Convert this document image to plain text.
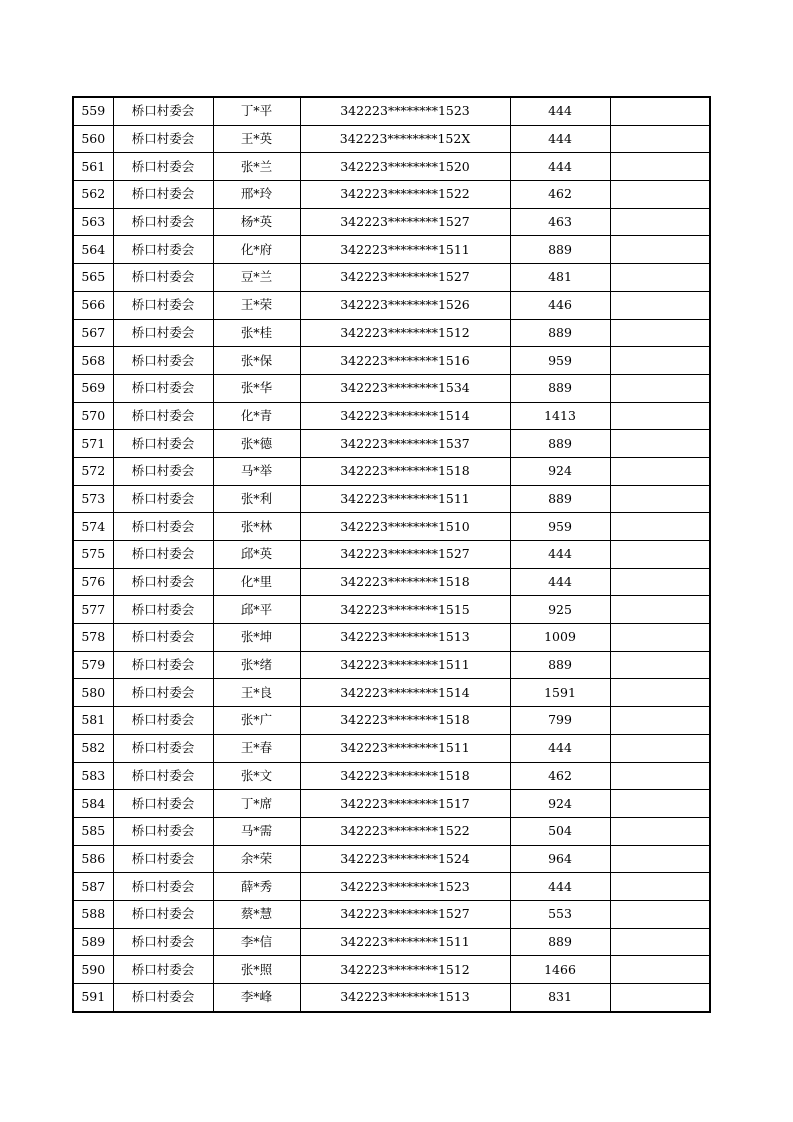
559	桥口村委会	丁*平	342223********1523	444	
560	桥口村委会	王*英	342223********152X	444	
561	桥口村委会	张*兰	342223********1520	444	
562	桥口村委会	邢*玲	342223********1522	462	
563	桥口村委会	杨*英	342223********1527	463	
564	桥口村委会	化*府	342223********1511	889	
565	桥口村委会	豆*兰	342223********1527	481	
566	桥口村委会	王*荣	342223********1526	446	
567	桥口村委会	张*桂	342223********1512	889	
568	桥口村委会	张*保	342223********1516	959	
569	桥口村委会	张*华	342223********1534	889	
570	桥口村委会	化*青	342223********1514	1413	
571	桥口村委会	张*德	342223********1537	889	
572	桥口村委会	马*举	342223********1518	924	
573	桥口村委会	张*利	342223********1511	889	
574	桥口村委会	张*林	342223********1510	959	
575	桥口村委会	邱*英	342223********1527	444	
576	桥口村委会	化*里	342223********1518	444	
577	桥口村委会	邱*平	342223********1515	925	
578	桥口村委会	张*坤	342223********1513	1009	
579	桥口村委会	张*绪	342223********1511	889	
580	桥口村委会	王*良	342223********1514	1591	
581	桥口村委会	张*广	342223********1518	799	
582	桥口村委会	王*春	342223********1511	444	
583	桥口村委会	张*文	342223********1518	462	
584	桥口村委会	丁*席	342223********1517	924	
585	桥口村委会	马*需	342223********1522	504	
586	桥口村委会	余*荣	342223********1524	964	
587	桥口村委会	薛*秀	342223********1523	444	
588	桥口村委会	蔡*慧	342223********1527	553	
589	桥口村委会	李*信	342223********1511	889	
590	桥口村委会	张*照	342223********1512	1466	
591	桥口村委会	李*峰	342223********1513	831	
